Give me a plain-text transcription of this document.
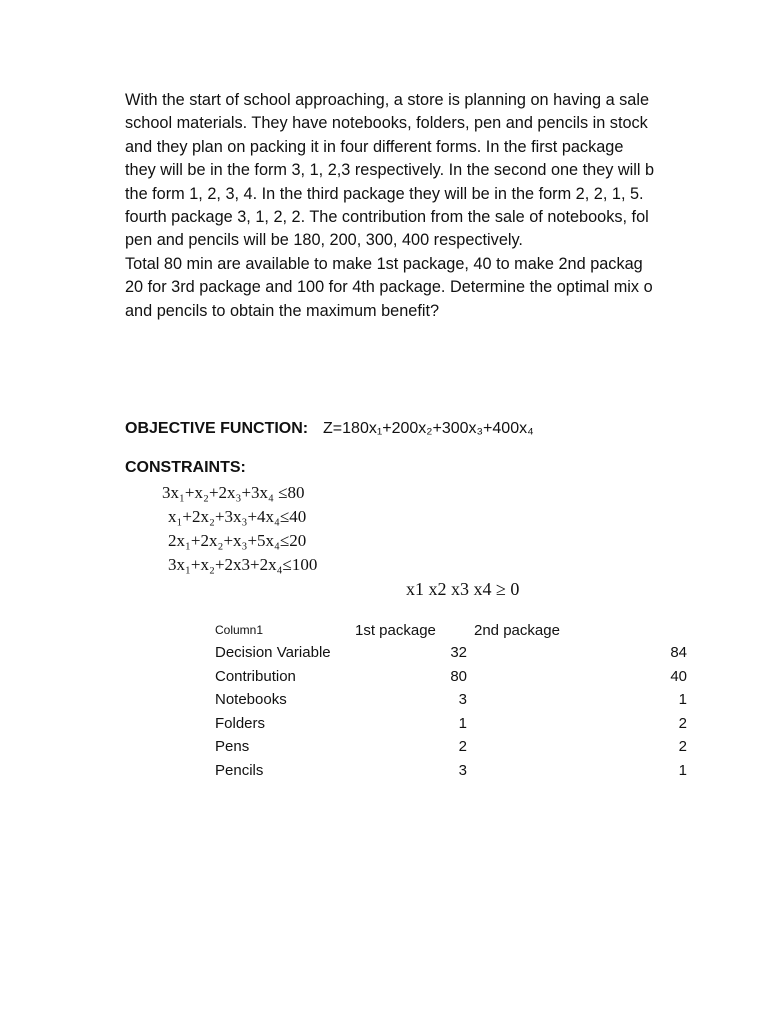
With the start of school approaching, a store is planning on having a sale
school materials. They have notebooks, folders, pen and pencils in stock
and they plan on packing it in four different forms. In the first package
they will be in the form 3, 1, 2,3 respectively. In the second one they will b
the form 1, 2, 3, 4. In the third package they will be in the form 2, 2, 1, 5.
fourth package 3, 1, 2, 2. The contribution from the sale of notebooks, fol
pen and pencils will be 180, 200, 300, 400 respectively.
Total 80 min are available to make 1st package, 40 to make 2nd packag
20 for 3rd package and 100 for 4th package. Determine the optimal mix o
and pencils to obtain the maximum benefit?
OBJECTIVE FUNCTION: Z=180x₁+200x₂+300x₃+400x₄
CONSTRAINTS:
3x₁+x₂+2x₃+3x₄ ≤80
x₁+2x₂+3x₃+4x₄≤40
2x₁+2x₂+x₃+5x₄≤20
3x₁+x₂+2x3+2x₄≤100
x1 x2 x3 x4 ≥ 0
Column1	1st package	2nd package
Decision Variable	32	84
Contribution	80	40
Notebooks	3	1
Folders	1	2
Pens	2	2
Pencils	3	1
